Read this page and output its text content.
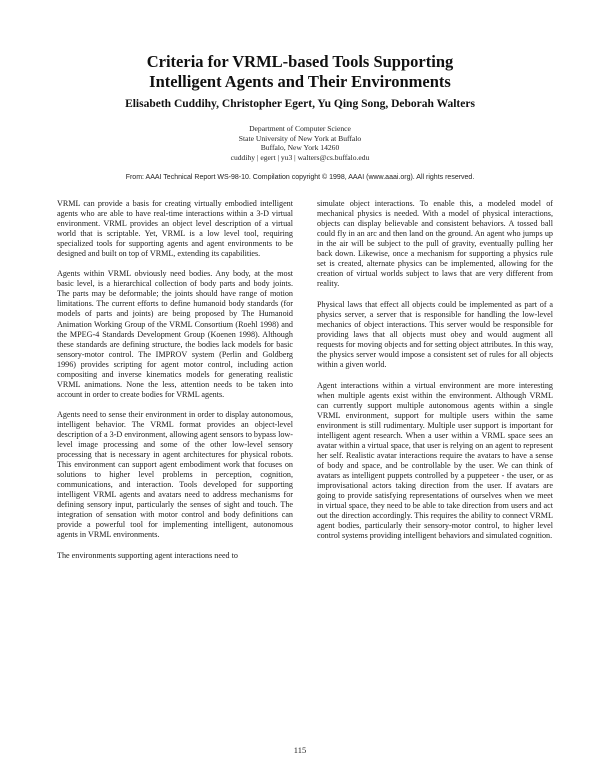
Criteria for VRML-based Tools Supporting
Intelligent Agents and Their Environments
Elisabeth Cuddihy, Christopher Egert, Yu Qing Song, Deborah Walters
Department of Computer Science
State University of New York at Buffalo
Buffalo, New York 14260
cuddihy | egert | yu3 | walters@cs.buffalo.edu
From: AAAI Technical Report WS-98-10. Compilation copyright © 1998, AAAI (www.aaai.org). All rights reserved.

VRML can provide a basis for creating virtually embodied intelligent agents who are able to have real-time interactions within a 3-D virtual environment. VRML provides an object level description of a virtual world that is scriptable. Yet, VRML is a low level tool, requiring specialized tools for supporting agents and agent environments to be designed and built on top of VRML, extending its capabilities.

Agents within VRML obviously need bodies. Any body, at the most basic level, is a hierarchical collection of body parts and body joints. The parts may be deformable; the joints should have range of motion limitations. The current efforts to define humanoid body standards (for models of parts and joints) are being proposed by The Humanoid Animation Working Group of the VRML Consortium (Roehl 1998) and the MPEG-4 Standards Development Group (Koenen 1998). Although these standards are defining structure, the bodies lack models for basic sensory-motor control. The IMPROV system (Perlin and Goldberg 1996) provides scripting for agent motor control, including action compositing and inverse kinematics models for generating realistic VRML animations. None the less, attention needs to be taken into account in order to create bodies for VRML agents.

Agents need to sense their environment in order to display autonomous, intelligent behavior. The VRML format provides an object-level description of a 3-D environment, allowing agent sensors to bypass low-level image processing and some of the other low-level sensory processing that is necessary in agent architectures for physical robots. This environment can support agent embodiment work that focuses on solutions to higher level problems in perception, cognition, communications, and interaction. Tools developed for supporting intelligent VRML agents and avatars need to address mechanisms for defining sensory input, particularly the senses of sight and touch. The integration of sensation with motor control and body definitions can provide a powerful tool for implementing intelligent, autonomous agents in VRML environments.

The environments supporting agent interactions need to

simulate object interactions. To enable this, a modeled model of mechanical physics is needed. With a model of physical interactions, objects can display believable and consistent behaviors. A tossed ball could fly in an arc and then land on the ground. An agent who jumps up in the air will be subject to the pull of gravity, eventually pulling her back down. Likewise, once a mechanism for supporting a physics rule set is created, alternate physics can be implemented, allowing for the creation of virtual worlds subject to laws that are very different from reality.

Physical laws that effect all objects could be implemented as part of a physics server, a server that is responsible for handling the low-level mechanics of object interactions. This server would be responsible for providing laws that all objects must obey and would augment all requests for moving objects and for setting object attributes. In this way, the physics server would impose a consistent set of rules for all objects within a given world.

Agent interactions within a virtual environment are more interesting when multiple agents exist within the environment. Although VRML can currently support multiple autonomous agents within a single VRML environment, support for multiple users within the same environment is still rudimentary. Multiple user support is important for intelligent agent research. When a user within a VRML space sees an avatar within a virtual space, that user is relying on an agent to represent her self. Realistic avatar interactions require the avatars to have a sense of body and space, and be controllable by the user. We can think of avatars as intelligent puppets controlled by a puppeteer - the user, or as improvisational actors taking direction from the user. If avatars are going to provide satisfying representations of ourselves when we meet in virtual space, they need to be able to take direction from users and act out the direction accordingly. This requires the ability to connect VRML agent bodies, particularly their sensory-motor control, to higher level control systems providing intelligent behaviors and simulated cognition.

115
